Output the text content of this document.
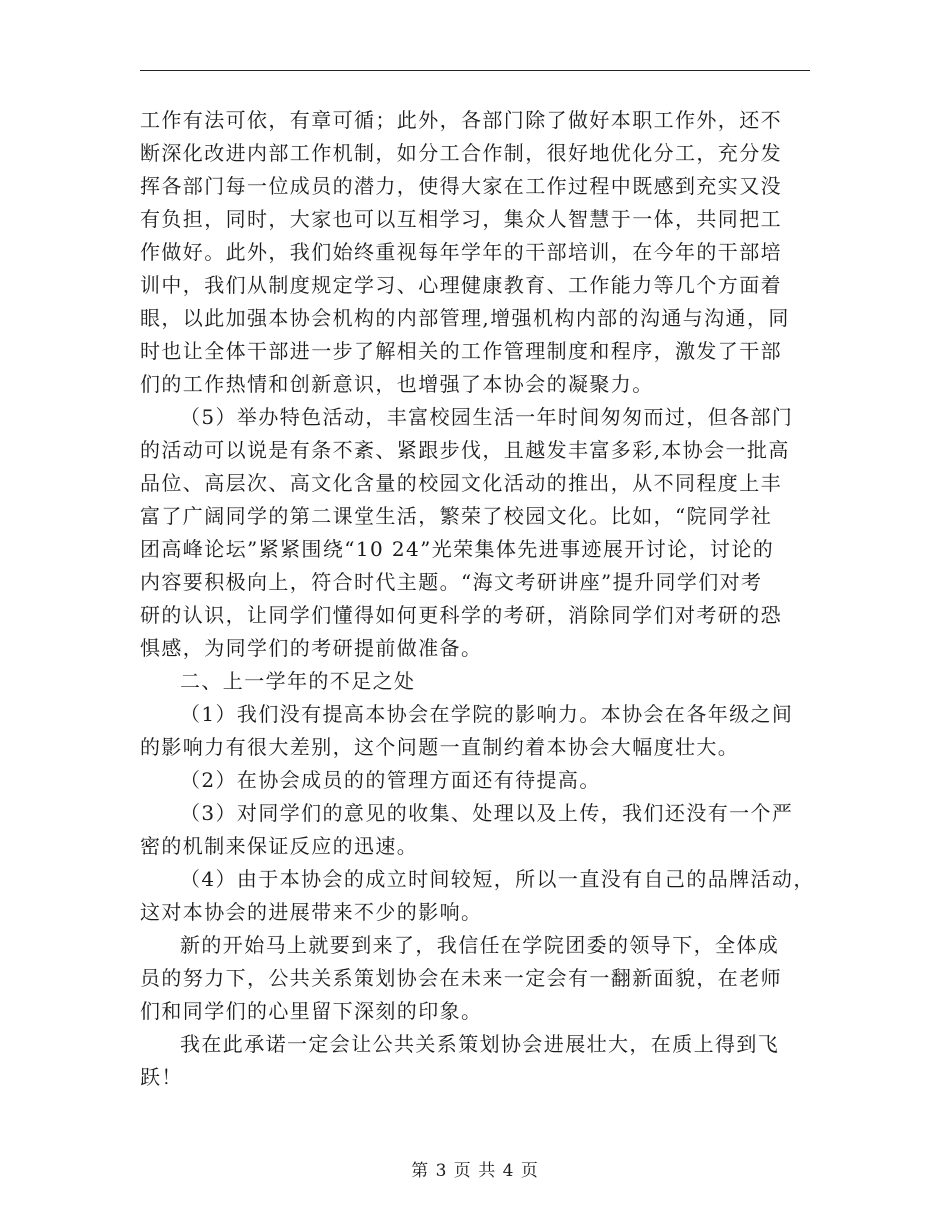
工作有法可依，有章可循；此外，各部门除了做好本职工作外，还不
断深化改进内部工作机制，如分工合作制，很好地优化分工，充分发
挥各部门每一位成员的潜力，使得大家在工作过程中既感到充实又没
有负担，同时，大家也可以互相学习，集众人智慧于一体，共同把工
作做好。此外，我们始终重视每年学年的干部培训，在今年的干部培
训中，我们从制度规定学习、心理健康教育、工作能力等几个方面着
眼，以此加强本协会机构的内部管理,增强机构内部的沟通与沟通，同
时也让全体干部进一步了解相关的工作管理制度和程序，激发了干部
们的工作热情和创新意识，也增强了本协会的凝聚力。
（5）举办特色活动，丰富校园生活一年时间匆匆而过，但各部门
的活动可以说是有条不紊、紧跟步伐，且越发丰富多彩,本协会一批高
品位、高层次、高文化含量的校园文化活动的推出，从不同程度上丰
富了广阔同学的第二课堂生活，繁荣了校园文化。比如，“院同学社
团高峰论坛”紧紧围绕“10 24”光荣集体先进事迹展开讨论，讨论的
内容要积极向上，符合时代主题。“海文考研讲座”提升同学们对考
研的认识，让同学们懂得如何更科学的考研，消除同学们对考研的恐
惧感，为同学们的考研提前做准备。
二、上一学年的不足之处
（1）我们没有提高本协会在学院的影响力。本协会在各年级之间
的影响力有很大差别，这个问题一直制约着本协会大幅度壮大。
（2）在协会成员的的管理方面还有待提高。
（3）对同学们的意见的收集、处理以及上传，我们还没有一个严
密的机制来保证反应的迅速。
（4）由于本协会的成立时间较短，所以一直没有自己的品牌活动，
这对本协会的进展带来不少的影响。
新的开始马上就要到来了，我信任在学院团委的领导下，全体成
员的努力下，公共关系策划协会在未来一定会有一翻新面貌，在老师
们和同学们的心里留下深刻的印象。
我在此承诺一定会让公共关系策划协会进展壮大，在质上得到飞
跃！
第 3 页 共 4 页
